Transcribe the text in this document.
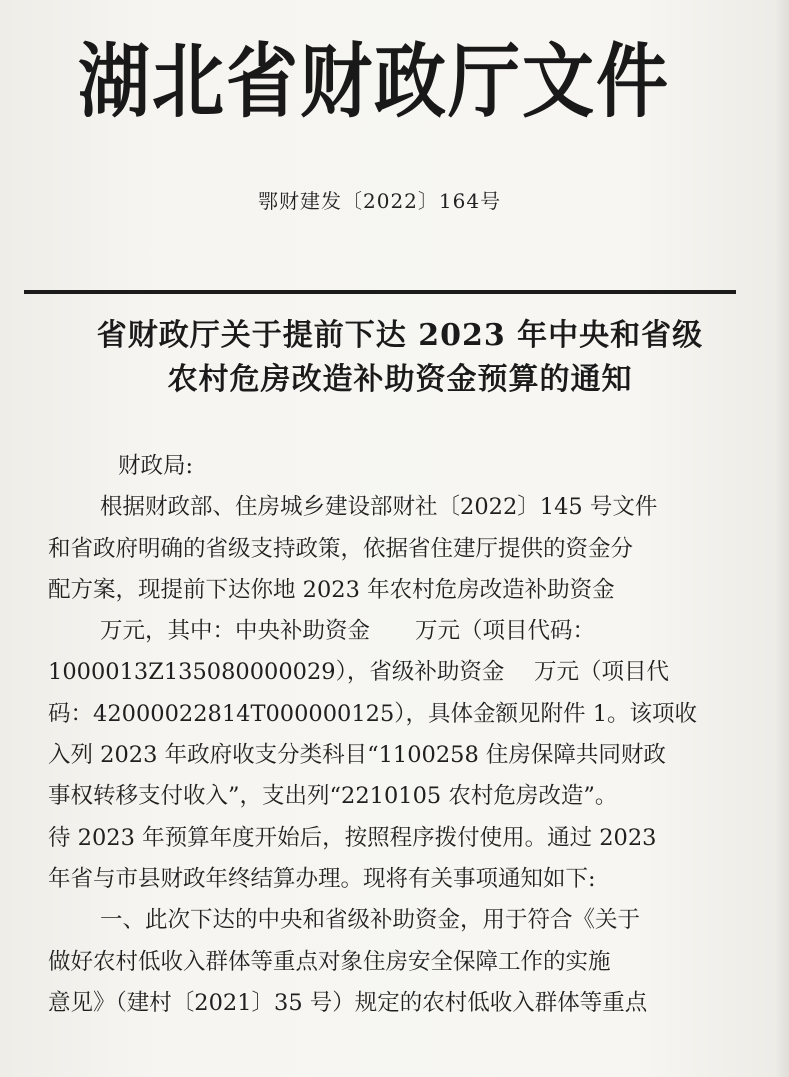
湖北省财政厅文件
鄂财建发〔2022〕164号
省财政厅关于提前下达 2023 年中央和省级
农村危房改造补助资金预算的通知
财政局:
根据财政部、住房城乡建设部财社〔2022〕145 号文件
和省政府明确的省级支持政策，依据省住建厅提供的资金分
配方案，现提前下达你地 2023 年农村危房改造补助资金
万元，其中：中央补助资金　　万元（项目代码：
1000013Z135080000029），省级补助资金　 万元（项目代
码：42000022814T000000125），具体金额见附件 1。该项收
入列 2023 年政府收支分类科目“1100258 住房保障共同财政
事权转移支付收入”，支出列“2210105 农村危房改造”。
待 2023 年预算年度开始后，按照程序拨付使用。通过 2023
年省与市县财政年终结算办理。现将有关事项通知如下:
一、此次下达的中央和省级补助资金，用于符合《关于
做好农村低收入群体等重点对象住房安全保障工作的实施
意见》（建村〔2021〕35 号）规定的农村低收入群体等重点
